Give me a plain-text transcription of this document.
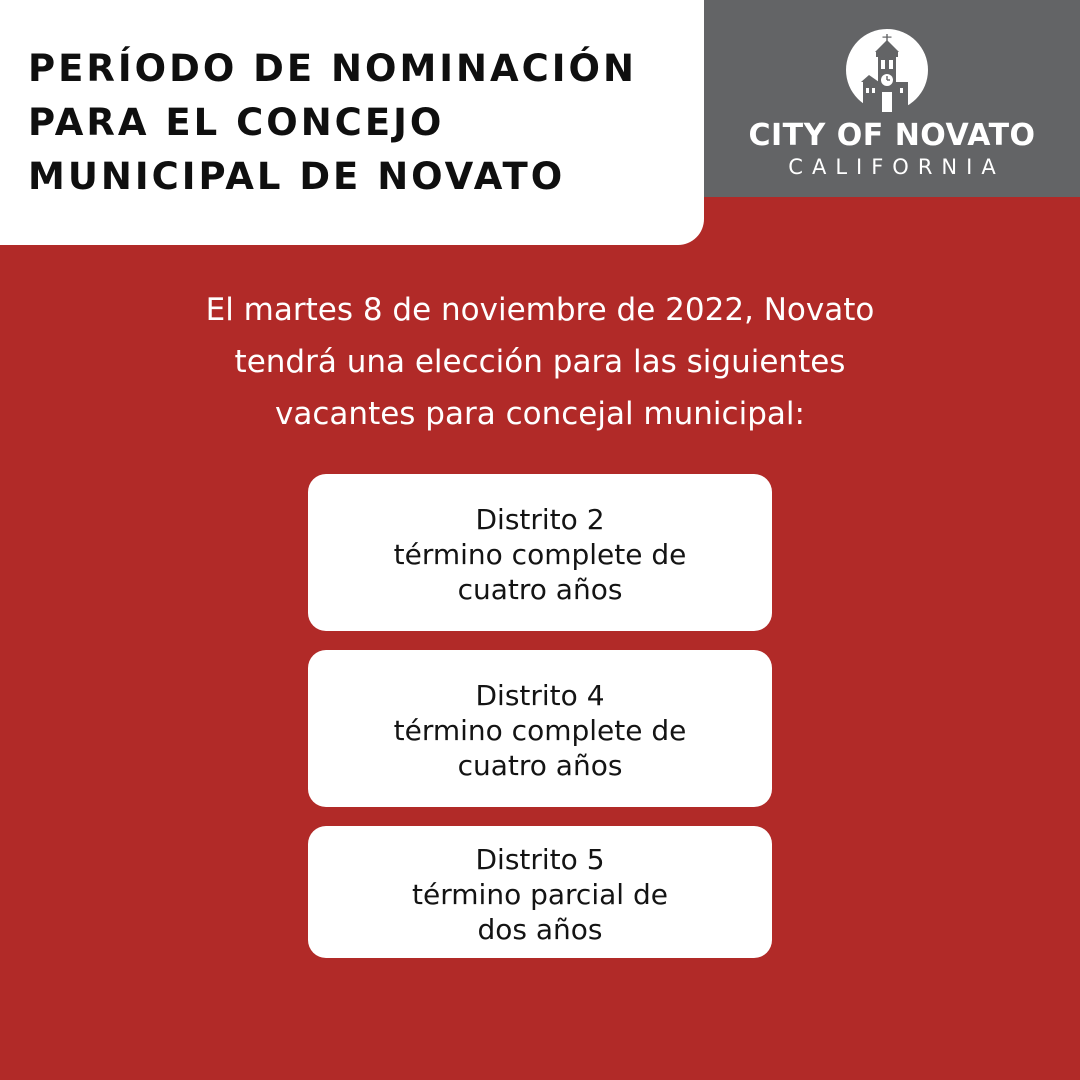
PERÍODO DE NOMINACIÓN
PARA EL CONCEJO
MUNICIPAL DE NOVATO
CITY OF NOVATO
CALIFORNIA

El martes 8 de noviembre de 2022, Novato
tendrá una elección para las siguientes
vacantes para concejal municipal:

Distrito 2
término complete de
cuatro años
Distrito 4
término complete de
cuatro años
Distrito 5
término parcial de
dos años
